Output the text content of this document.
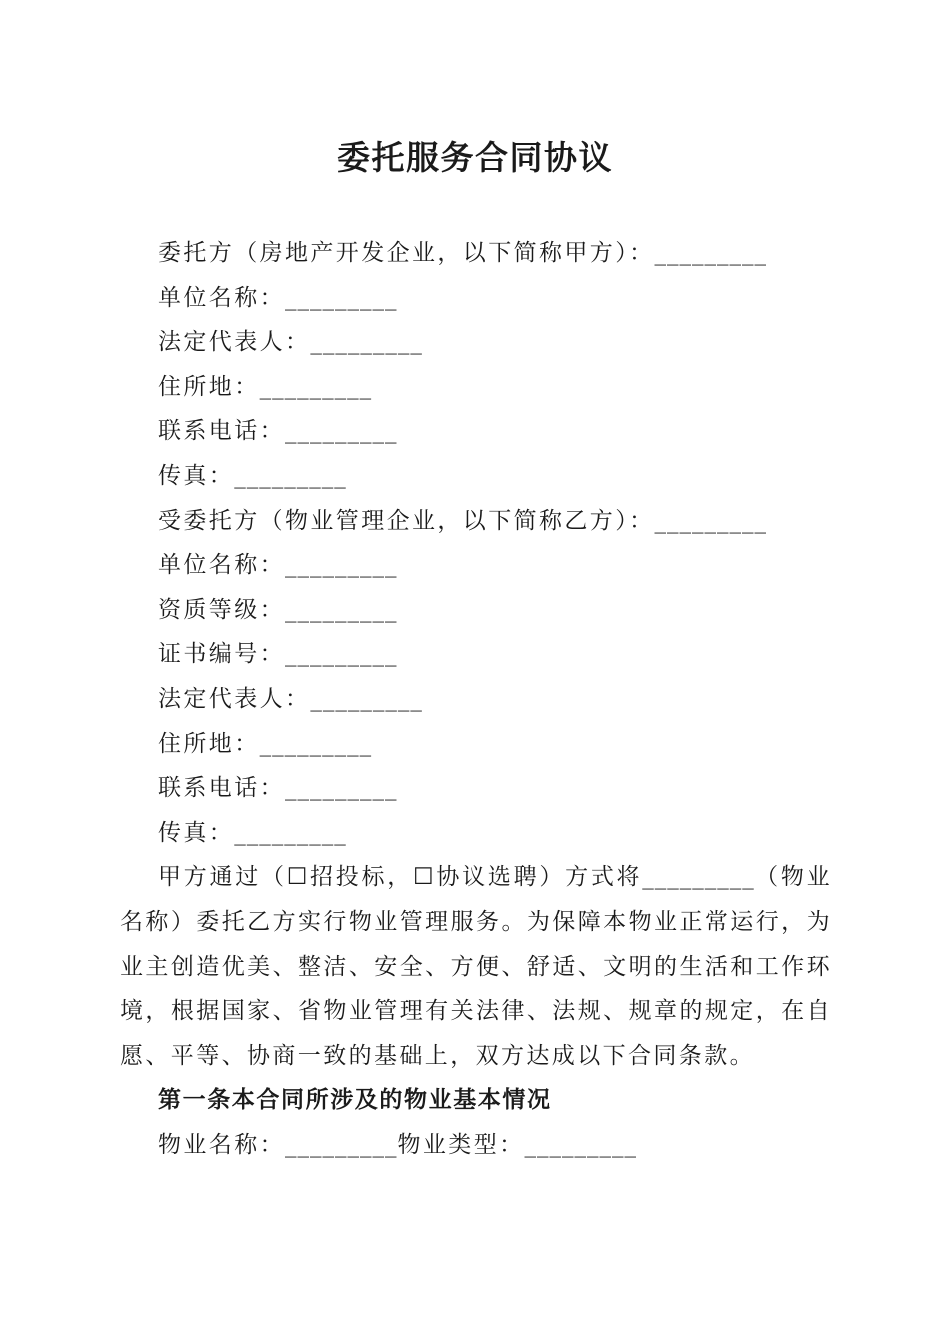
委托服务合同协议
委托方（房地产开发企业，以下简称甲方）：_________
单位名称：_________
法定代表人：_________
住所地：_________
联系电话：_________
传真：_________
受委托方（物业管理企业，以下简称乙方）：_________
单位名称：_________
资质等级：_________
证书编号：_________
法定代表人：_________
住所地：_________
联系电话：_________
传真：_________

甲方通过（☐招投标，☐协议选聘）方式将_________（物业名称）委托乙方实行物业管理服务。为保障本物业正常运行，为业主创造优美、整洁、安全、方便、舒适、文明的生活和工作环境，根据国家、省物业管理有关法律、法规、规章的规定，在自愿、平等、协商一致的基础上，双方达成以下合同条款。

第一条本合同所涉及的物业基本情况
物业名称：_________物业类型：_________
